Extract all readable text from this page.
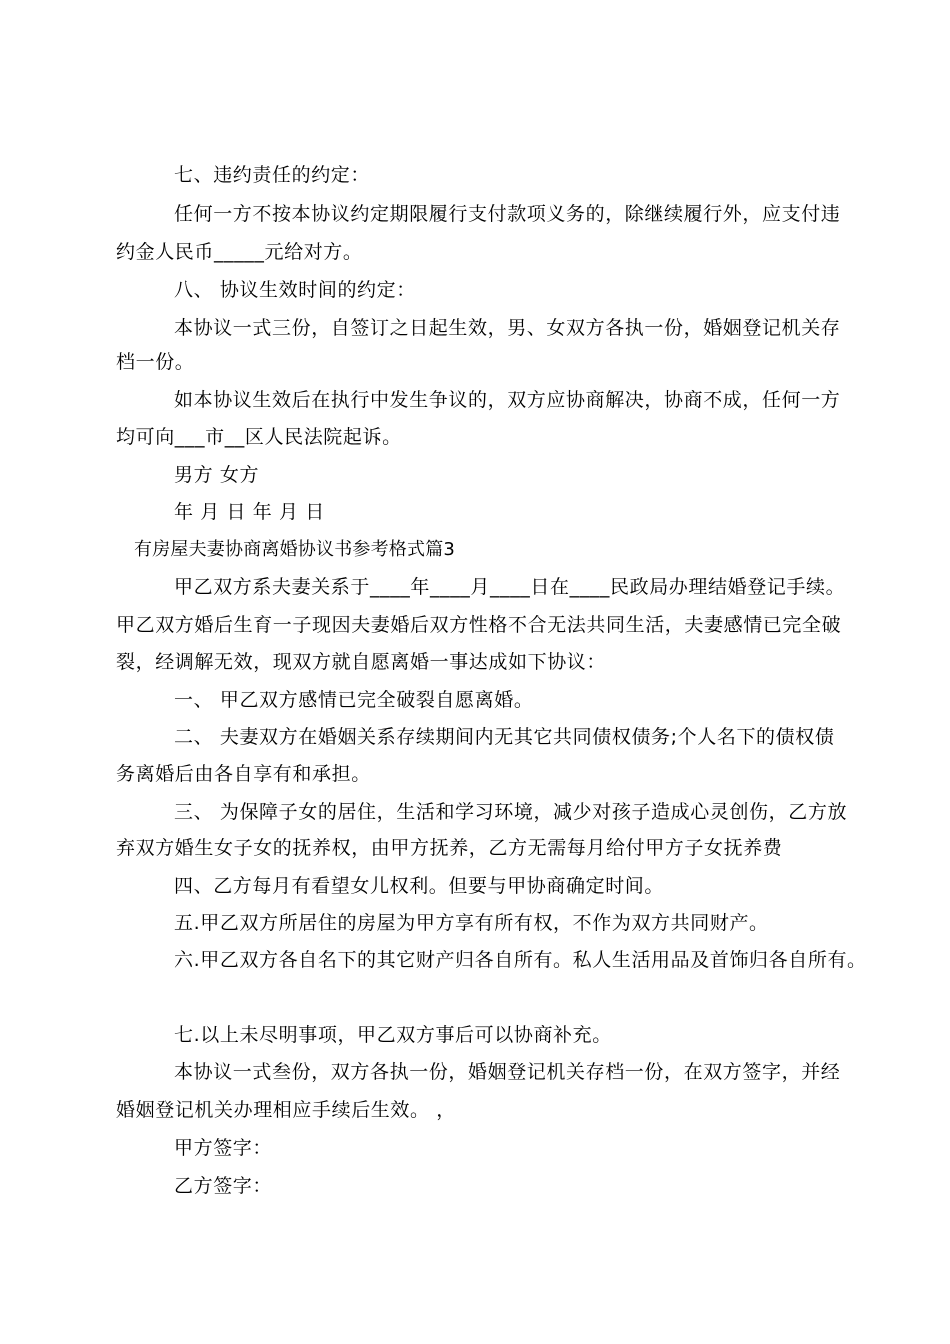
七、违约责任的约定：
任何一方不按本协议约定期限履行支付款项义务的，除继续履行外，应支付违
约金人民币_____元给对方。
八、 协议生效时间的约定：
本协议一式三份，自签订之日起生效，男、女双方各执一份，婚姻登记机关存
档一份。
如本协议生效后在执行中发生争议的，双方应协商解决，协商不成，任何一方
均可向___市__区人民法院起诉。
男方 女方
年 月 日 年 月 日
有房屋夫妻协商离婚协议书参考格式篇3
甲乙双方系夫妻关系于____年____月____日在____民政局办理结婚登记手续。
甲乙双方婚后生育一子现因夫妻婚后双方性格不合无法共同生活，夫妻感情已完全破
裂，经调解无效，现双方就自愿离婚一事达成如下协议：
一、 甲乙双方感情已完全破裂自愿离婚。
二、 夫妻双方在婚姻关系存续期间内无其它共同债权债务;个人名下的债权债
务离婚后由各自享有和承担。
三、 为保障子女的居住，生活和学习环境，减少对孩子造成心灵创伤，乙方放
弃双方婚生女子女的抚养权，由甲方抚养，乙方无需每月给付甲方子女抚养费
四、乙方每月有看望女儿权利。但要与甲协商确定时间。
五.甲乙双方所居住的房屋为甲方享有所有权，不作为双方共同财产。
六.甲乙双方各自名下的其它财产归各自所有。私人生活用品及首饰归各自所有。
七.以上未尽明事项，甲乙双方事后可以协商补充。
本协议一式叁份，双方各执一份，婚姻登记机关存档一份，在双方签字，并经
婚姻登记机关办理相应手续后生效。 ，
甲方签字：
乙方签字：
